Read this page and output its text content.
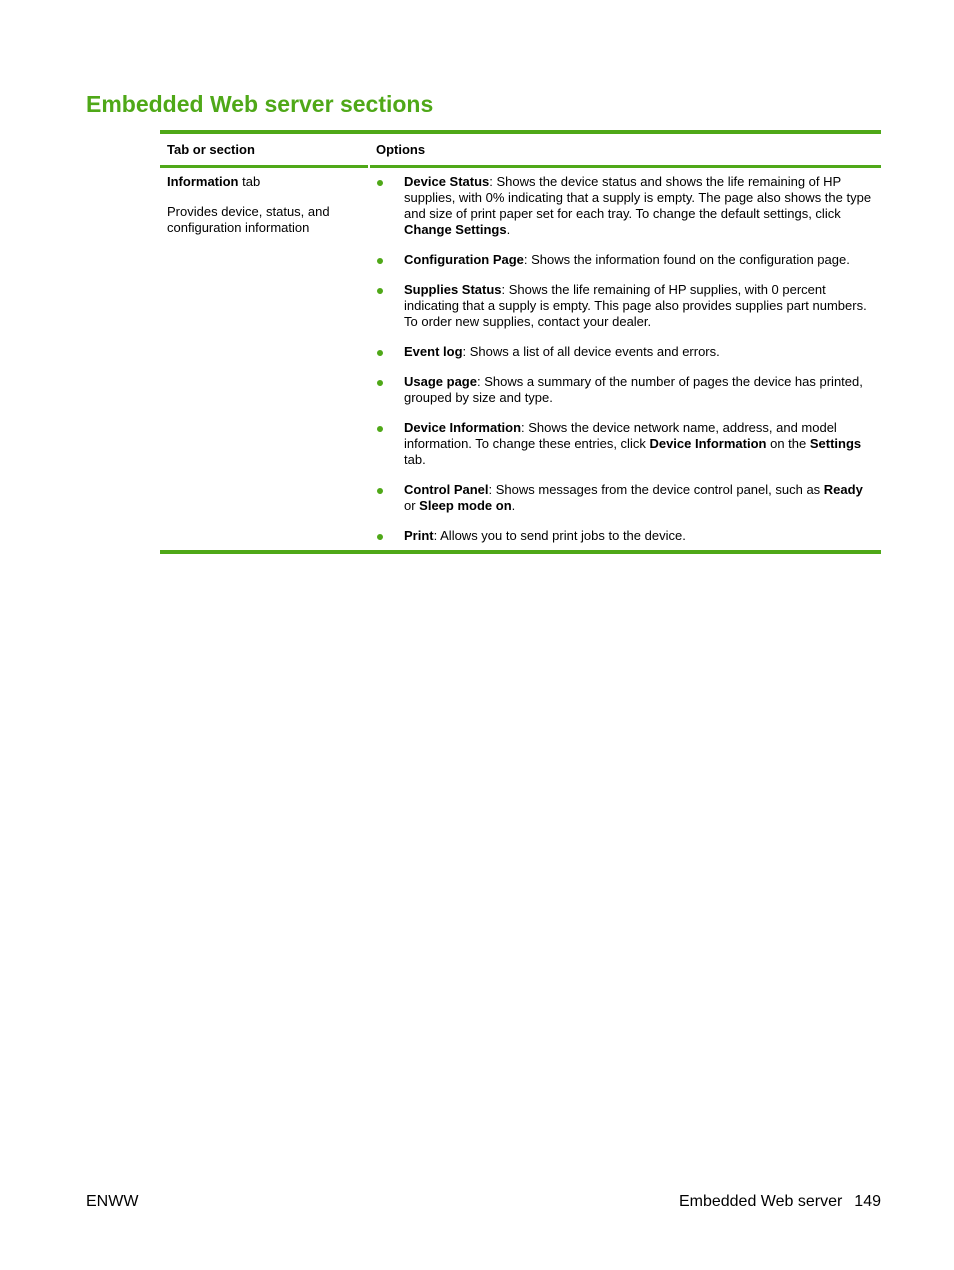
Embedded Web server sections
Tab or section	Options

Information tab

Provides device, status, and configuration information

Device Status: Shows the device status and shows the life remaining of HP supplies, with 0% indicating that a supply is empty. The page also shows the type and size of print paper set for each tray. To change the default settings, click Change Settings.
Configuration Page: Shows the information found on the configuration page.
Supplies Status: Shows the life remaining of HP supplies, with 0 percent indicating that a supply is empty. This page also provides supplies part numbers. To order new supplies, contact your dealer.
Event log: Shows a list of all device events and errors.
Usage page: Shows a summary of the number of pages the device has printed, grouped by size and type.
Device Information: Shows the device network name, address, and model information. To change these entries, click Device Information on the Settings tab.
Control Panel: Shows messages from the device control panel, such as Ready or Sleep mode on.
Print: Allows you to send print jobs to the device.
ENWW	Embedded Web server 149
